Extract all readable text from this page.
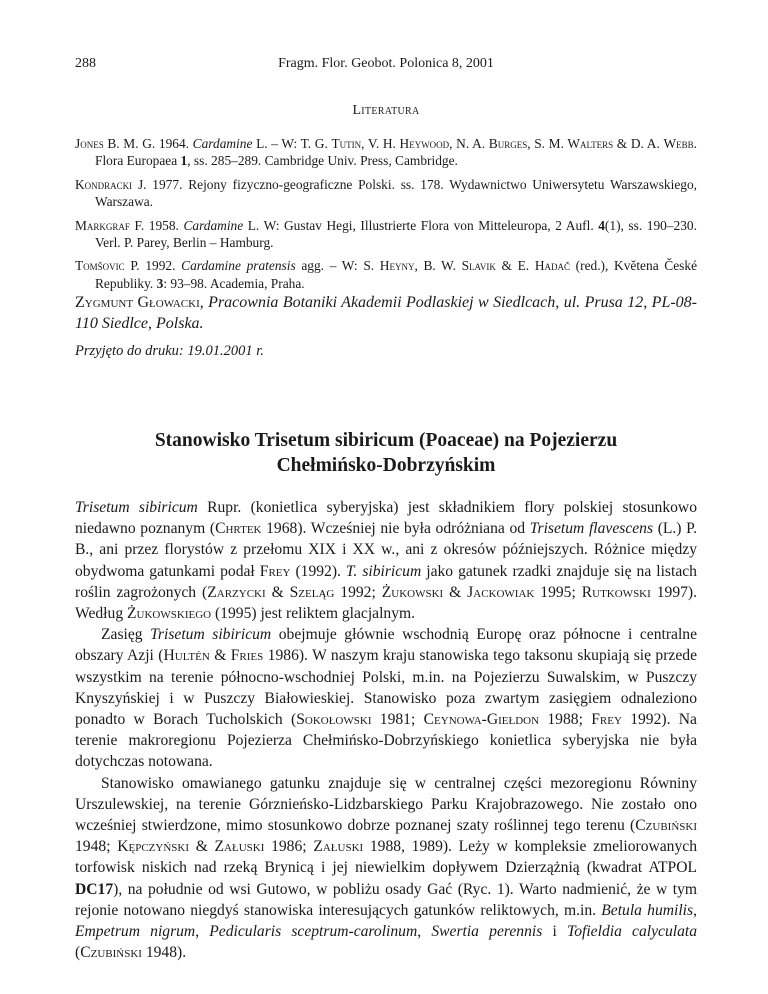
288	Fragm. Flor. Geobot. Polonica 8, 2001
Literatura

Jones B. M. G. 1964. Cardamine L. – W: T. G. Tutin, V. H. Heywood, N. A. Burges, S. M. Walters & D. A. Webb. Flora Europaea 1, ss. 285–289. Cambridge Univ. Press, Cambridge.

Kondracki J. 1977. Rejony fizyczno-geograficzne Polski. ss. 178. Wydawnictwo Uniwersytetu Warszawskiego, Warszawa.

Markgraf F. 1958. Cardamine L. W: Gustav Hegi, Illustrierte Flora von Mitteleuropa, 2 Aufl. 4(1), ss. 190–230. Verl. P. Parey, Berlin – Hamburg.

Tomšovic P. 1992. Cardamine pratensis agg. – W: S. Heyny, B. W. Slavik & E. Hadač (red.), Květena České Republiky. 3: 93–98. Academia, Praha.

Zygmunt Głowacki, Pracownia Botaniki Akademii Podlaskiej w Siedlcach, ul. Prusa 12, PL-08-110 Siedlce, Polska.
Przyjęto do druku: 19.01.2001 r.
Stanowisko Trisetum sibiricum (Poaceae) na Pojezierzu
Chełmińsko-Dobrzyńskim

Trisetum sibiricum Rupr. (konietlica syberyjska) jest składnikiem flory polskiej stosunkowo niedawno poznanym (Chrtek 1968). Wcześniej nie była odróżniana od Trisetum flavescens (L.) P. B., ani przez florystów z przełomu XIX i XX w., ani z okresów późniejszych. Różnice między obydwoma gatunkami podał Frey (1992). T. sibiricum jako gatunek rzadki znajduje się na listach roślin zagrożonych (Zarzycki & Szeląg 1992; Żukowski & Jackowiak 1995; Rutkowski 1997). Według Żukowskiego (1995) jest reliktem glacjalnym.

Zasięg Trisetum sibiricum obejmuje głównie wschodnią Europę oraz północne i centralne obszary Azji (Hultén & Fries 1986). W naszym kraju stanowiska tego taksonu skupiają się przede wszystkim na terenie północno-wschodniej Polski, m.in. na Pojezierzu Suwalskim, w Puszczy Knyszyńskiej i w Puszczy Białowieskiej. Stanowisko poza zwartym zasięgiem odnaleziono ponadto w Borach Tucholskich (Sokołowski 1981; Ceynowa-Giełdon 1988; Frey 1992). Na terenie makroregionu Pojezierza Chełmińsko-Dobrzyńskiego konietlica syberyjska nie była dotychczas notowana.

Stanowisko omawianego gatunku znajduje się w centralnej części mezoregionu Równiny Urszulewskiej, na terenie Górznieńsko-Lidzbarskiego Parku Krajobrazowego. Nie zostało ono wcześniej stwierdzone, mimo stosunkowo dobrze poznanej szaty roślinnej tego terenu (Czubiński 1948; Kępczyński & Załuski 1986; Załuski 1988, 1989). Leży w kompleksie zmeliorowanych torfowisk niskich nad rzeką Brynicą i jej niewielkim dopływem Dzierzążnią (kwadrat ATPOL DC17), na południe od wsi Gutowo, w pobliżu osady Gać (Ryc. 1). Warto nadmienić, że w tym rejonie notowano niegdyś stanowiska interesujących gatunków reliktowych, m.in. Betula humilis, Empetrum nigrum, Pedicularis sceptrum-carolinum, Swertia perennis i Tofieldia calyculata (Czubiński 1948).
